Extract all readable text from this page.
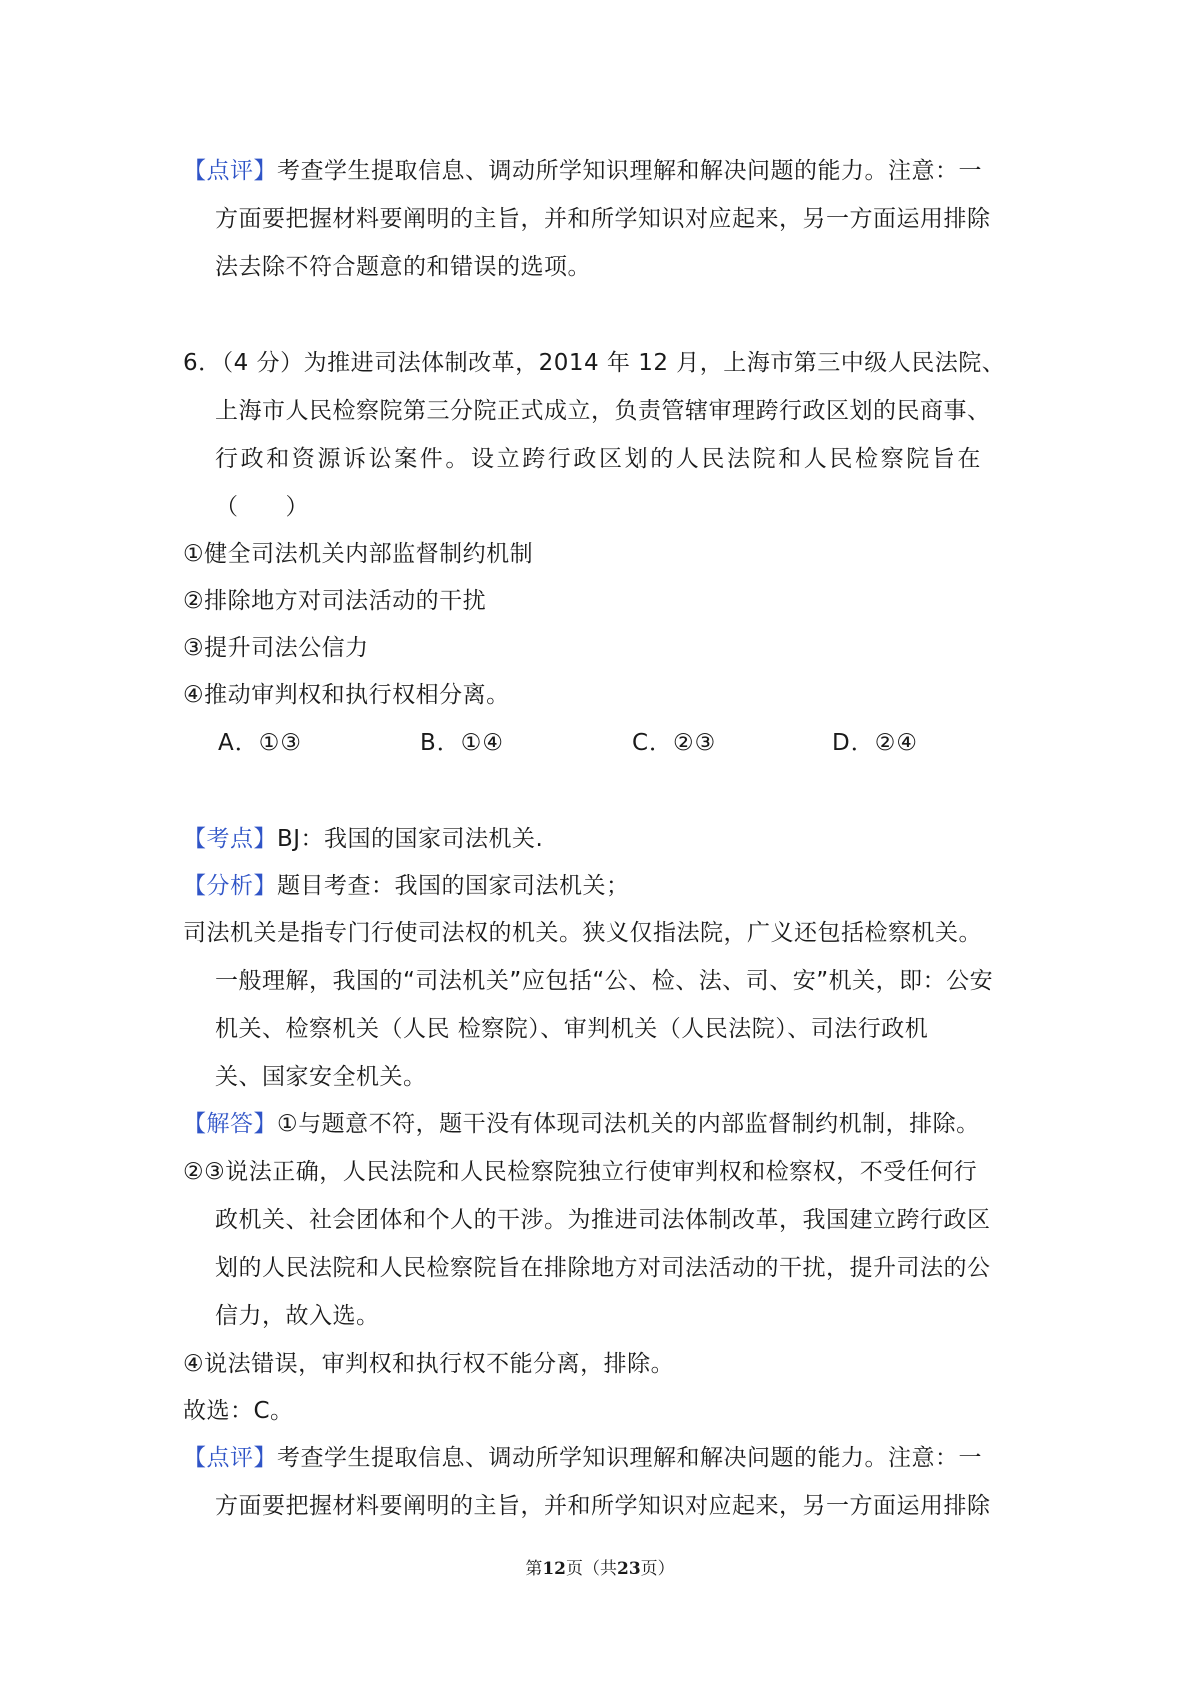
【点评】考查学生提取信息、调动所学知识理解和解决问题的能力。注意：一
方面要把握材料要阐明的主旨，并和所学知识对应起来，另一方面运用排除
法去除不符合题意的和错误的选项。
6．（4 分）为推进司法体制改革，2014 年 12 月，上海市第三中级人民法院、
上海市人民检察院第三分院正式成立，负责管辖审理跨行政区划的民商事、
行政和资源诉讼案件。设立跨行政区划的人民法院和人民检察院旨在
（　　）
①健全司法机关内部监督制约机制
②排除地方对司法活动的干扰
③提升司法公信力
④推动审判权和执行权相分离。
A．①③	B．①④	C．②③	D．②④
【考点】BJ：我国的国家司法机关.
【分析】题目考查：我国的国家司法机关；
司法机关是指专门行使司法权的机关。狭义仅指法院，广义还包括检察机关。
一般理解，我国的“司法机关”应包括“公、检、法、司、安”机关，即：公安
机关、检察机关（人民 检察院）、审判机关（人民法院）、司法行政机
关、国家安全机关。
【解答】①与题意不符，题干没有体现司法机关的内部监督制约机制，排除。
②③说法正确，人民法院和人民检察院独立行使审判权和检察权，不受任何行
政机关、社会团体和个人的干涉。为推进司法体制改革，我国建立跨行政区
划的人民法院和人民检察院旨在排除地方对司法活动的干扰，提升司法的公
信力，故入选。
④说法错误，审判权和执行权不能分离，排除。
故选：C。
【点评】考查学生提取信息、调动所学知识理解和解决问题的能力。注意：一
方面要把握材料要阐明的主旨，并和所学知识对应起来，另一方面运用排除
第12页（共23页）
